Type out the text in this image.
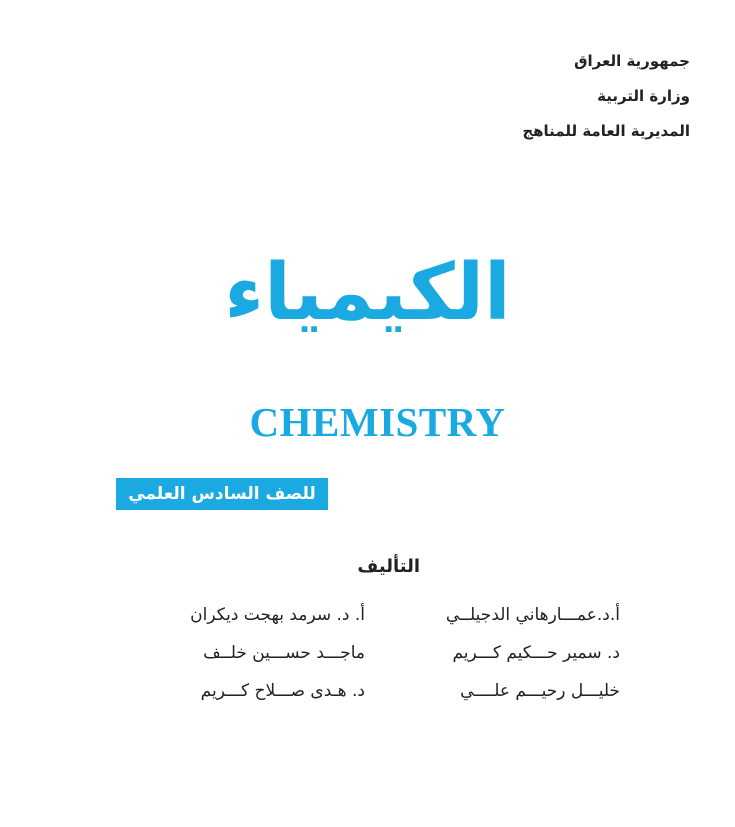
جمهورية العراق
وزارة التربية
المديرية العامة للمناهج
الكيمياء
CHEMISTRY
للصف السادس العلمي
التأليف
أ.د.عمـــارهاني الدجيلــي
أ. د. سرمد بهجت ديكران
د. سمير حـــكيم كـــريم
ماجـــد حســـين خلــف
خليـــل رحيـــم علــــي
د. هـدى صـــلاح كـــريم
